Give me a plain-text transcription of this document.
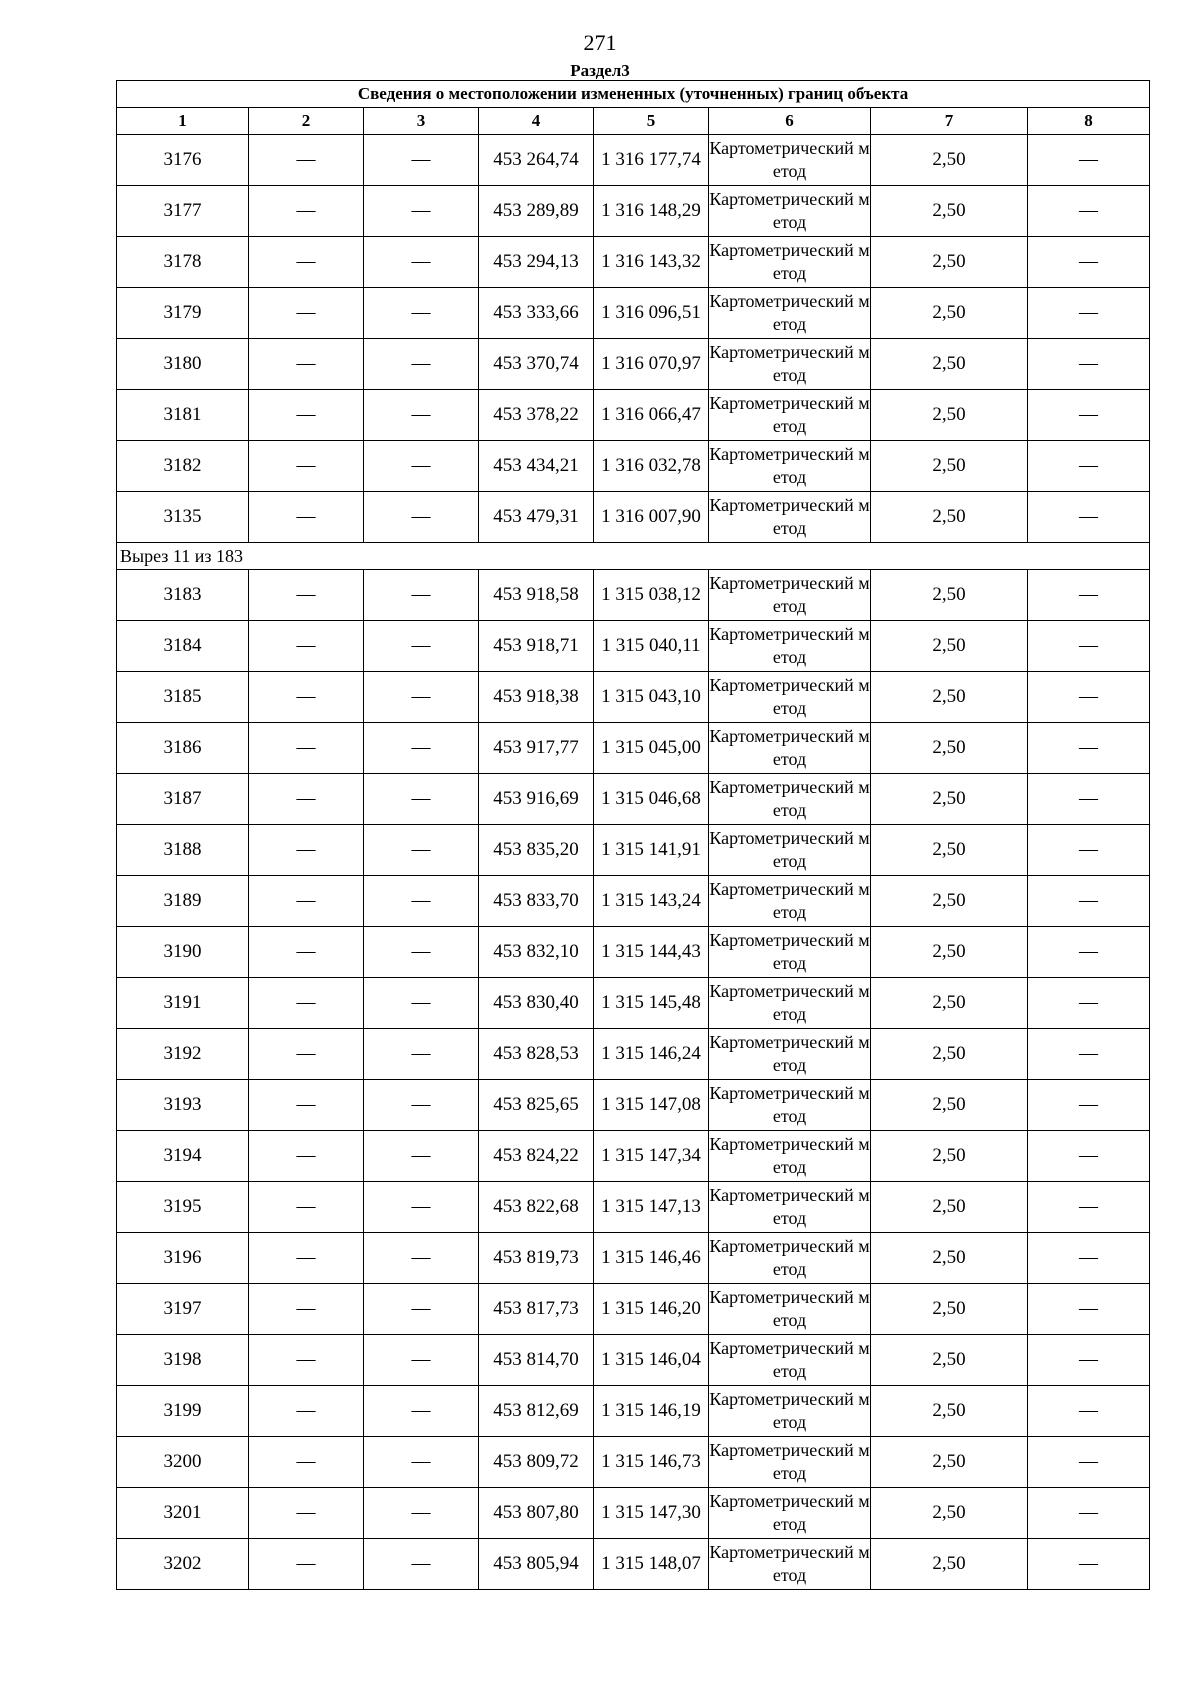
271
Раздел3
Сведения о местоположении измененных (уточненных) границ объекта							
1	2	3	4	5	6	7	8
3176	—	—	453 264,74	1 316 177,74	Картометрический метод	2,50	—
3177	—	—	453 289,89	1 316 148,29	Картометрический метод	2,50	—
3178	—	—	453 294,13	1 316 143,32	Картометрический метод	2,50	—
3179	—	—	453 333,66	1 316 096,51	Картометрический метод	2,50	—
3180	—	—	453 370,74	1 316 070,97	Картометрический метод	2,50	—
3181	—	—	453 378,22	1 316 066,47	Картометрический метод	2,50	—
3182	—	—	453 434,21	1 316 032,78	Картометрический метод	2,50	—
3135	—	—	453 479,31	1 316 007,90	Картометрический метод	2,50	—
Вырез 11 из 183							
3183	—	—	453 918,58	1 315 038,12	Картометрический метод	2,50	—
3184	—	—	453 918,71	1 315 040,11	Картометрический метод	2,50	—
3185	—	—	453 918,38	1 315 043,10	Картометрический метод	2,50	—
3186	—	—	453 917,77	1 315 045,00	Картометрический метод	2,50	—
3187	—	—	453 916,69	1 315 046,68	Картометрический метод	2,50	—
3188	—	—	453 835,20	1 315 141,91	Картометрический метод	2,50	—
3189	—	—	453 833,70	1 315 143,24	Картометрический метод	2,50	—
3190	—	—	453 832,10	1 315 144,43	Картометрический метод	2,50	—
3191	—	—	453 830,40	1 315 145,48	Картометрический метод	2,50	—
3192	—	—	453 828,53	1 315 146,24	Картометрический метод	2,50	—
3193	—	—	453 825,65	1 315 147,08	Картометрический метод	2,50	—
3194	—	—	453 824,22	1 315 147,34	Картометрический метод	2,50	—
3195	—	—	453 822,68	1 315 147,13	Картометрический метод	2,50	—
3196	—	—	453 819,73	1 315 146,46	Картометрический метод	2,50	—
3197	—	—	453 817,73	1 315 146,20	Картометрический метод	2,50	—
3198	—	—	453 814,70	1 315 146,04	Картометрический метод	2,50	—
3199	—	—	453 812,69	1 315 146,19	Картометрический метод	2,50	—
3200	—	—	453 809,72	1 315 146,73	Картометрический метод	2,50	—
3201	—	—	453 807,80	1 315 147,30	Картометрический метод	2,50	—
3202	—	—	453 805,94	1 315 148,07	Картометрический метод	2,50	—
